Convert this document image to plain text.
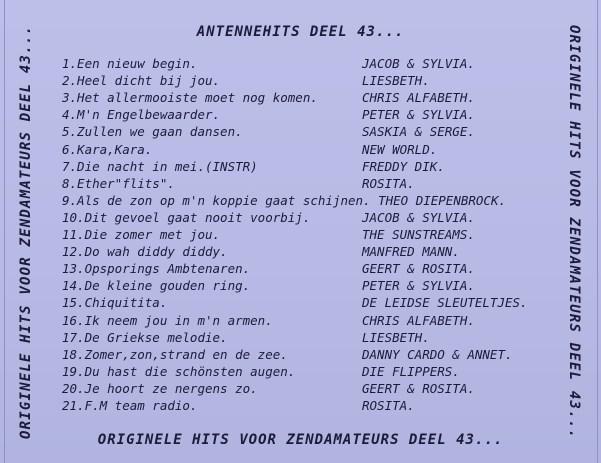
ANTENNEHITS DEEL 43...
ORIGINELE HITS VOOR ZENDAMATEURS DEEL 43...	ORIGINELE HITS VOOR ZENDAMATEURS DEEL 43...
1.Een nieuw begin.	JACOB & SYLVIA.
2.Heel dicht bij jou.	LIESBETH.
3.Het allermooiste moet nog komen.	CHRIS ALFABETH.
4.M'n Engelbewaarder.	PETER & SYLVIA.
5.Zullen we gaan dansen.	SASKIA & SERGE.
6.Kara,Kara.	NEW WORLD.
7.Die nacht in mei.(INSTR)	FREDDY DIK.
8.Ether"flits".	ROSITA.
9.Als de zon op m'n koppie gaat schijnen. THEO DIEPENBROCK.
10.Dit gevoel gaat nooit voorbij.	JACOB & SYLVIA.
11.Die zomer met jou.	THE SUNSTREAMS.
12.Do wah diddy diddy.	MANFRED MANN.
13.Opsporings Ambtenaren.	GEERT & ROSITA.
14.De kleine gouden ring.	PETER & SYLVIA.
15.Chiquitita.	DE LEIDSE SLEUTELTJES.
16.Ik neem jou in m'n armen.	CHRIS ALFABETH.
17.De Griekse melodie.	LIESBETH.
18.Zomer,zon,strand en de zee.	DANNY CARDO & ANNET.
19.Du hast die schönsten augen.	DIE FLIPPERS.
20.Je hoort ze nergens zo.	GEERT & ROSITA.
21.F.M team radio.	ROSITA.
ORIGINELE HITS VOOR ZENDAMATEURS DEEL 43...
